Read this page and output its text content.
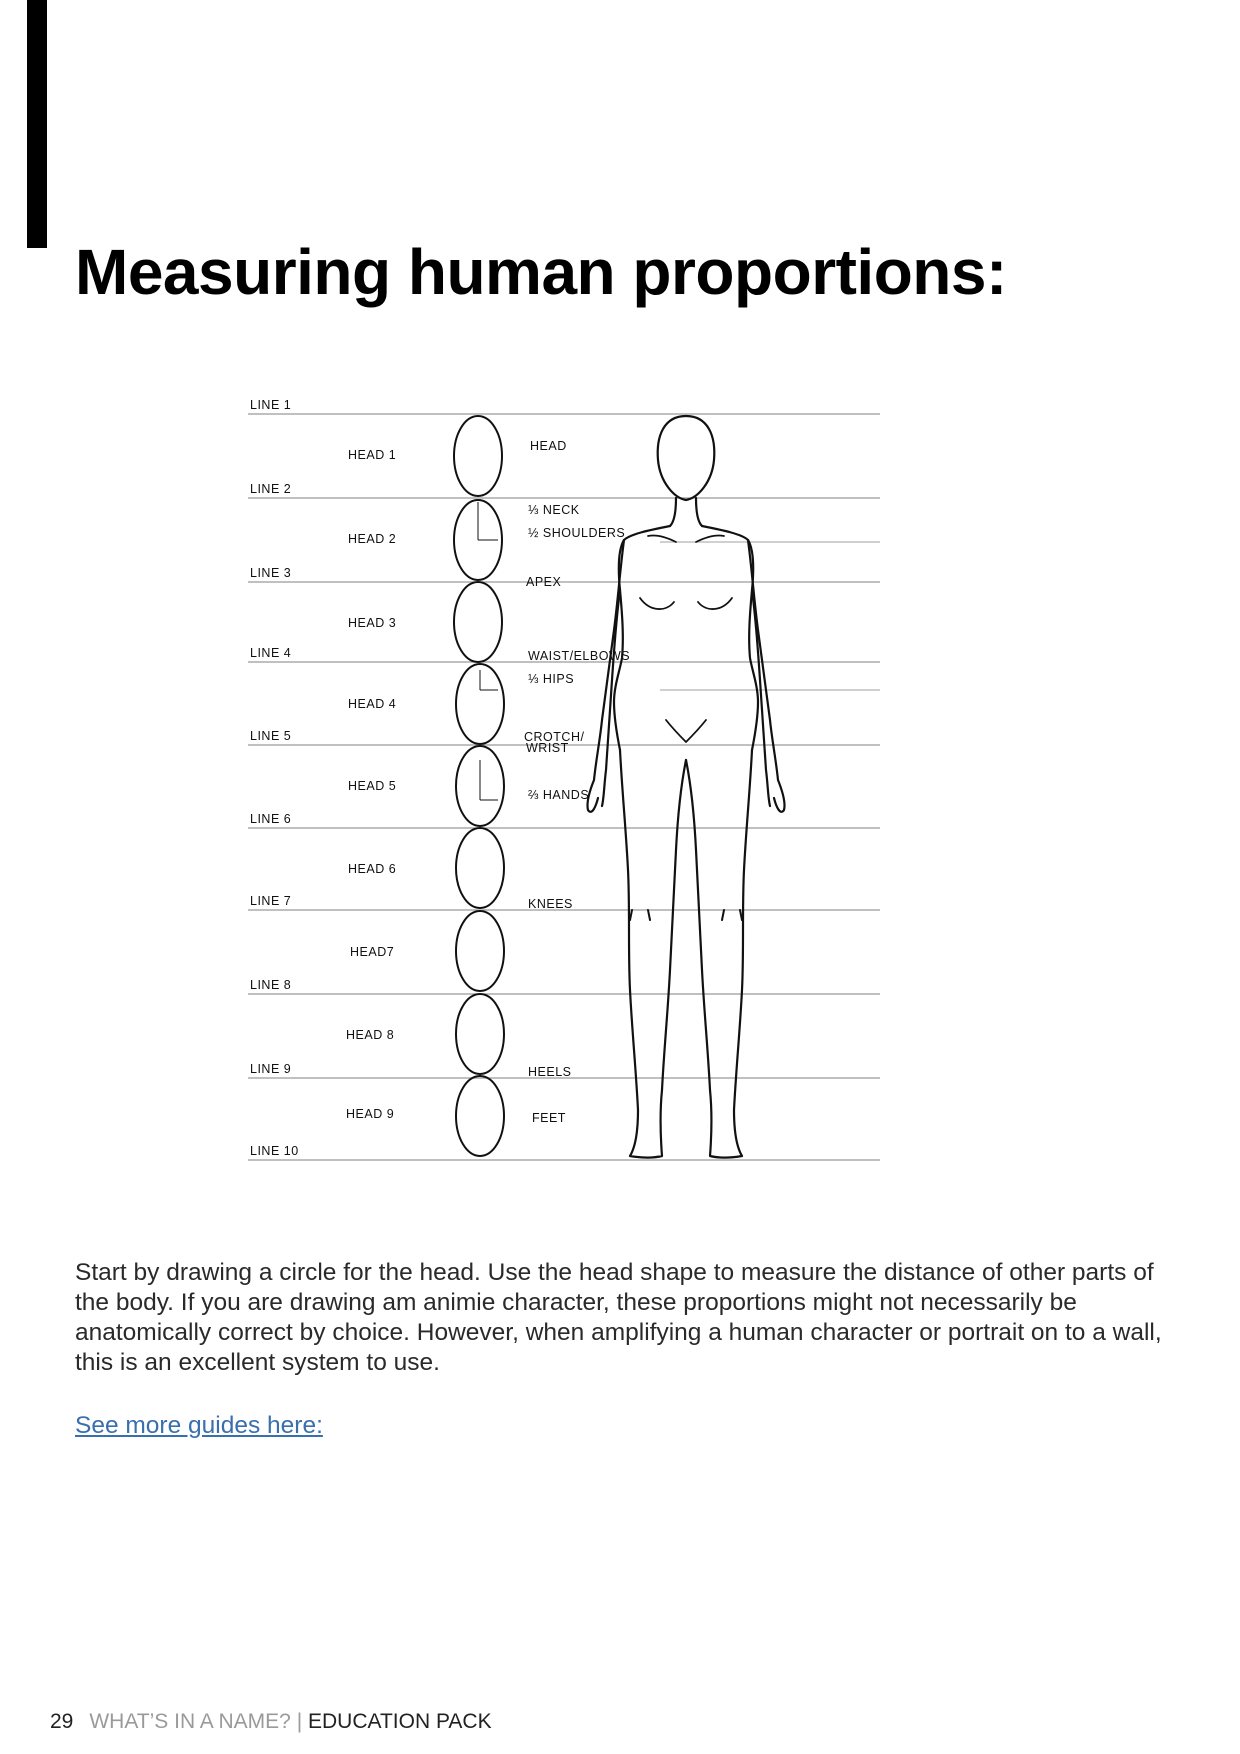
Measuring human proportions:
LINE 1
LINE 2
LINE 3
LINE 4
LINE 5
LINE 6
LINE 7
LINE 8
LINE 9
LINE 10
HEAD 1
HEAD 2
HEAD 3
HEAD 4
HEAD 5
HEAD 6
HEAD7
HEAD 8
HEAD 9
HEAD
⅓ NECK
½ SHOULDERS
APEX
WAIST/ELBOWS
⅓ HIPS
CROTCH/
WRIST
⅔ HANDS
KNEES
HEELS
FEET

Start by drawing a circle for the head. Use the head shape to measure the distance of other parts of the body. If you are drawing am animie character, these proportions might not necessarily be anatomically correct by choice. However, when amplifying a human character or portrait on to a wall, this is an excellent system to use.

See more guides here:
29 WHAT’S IN A NAME? | EDUCATION PACK
